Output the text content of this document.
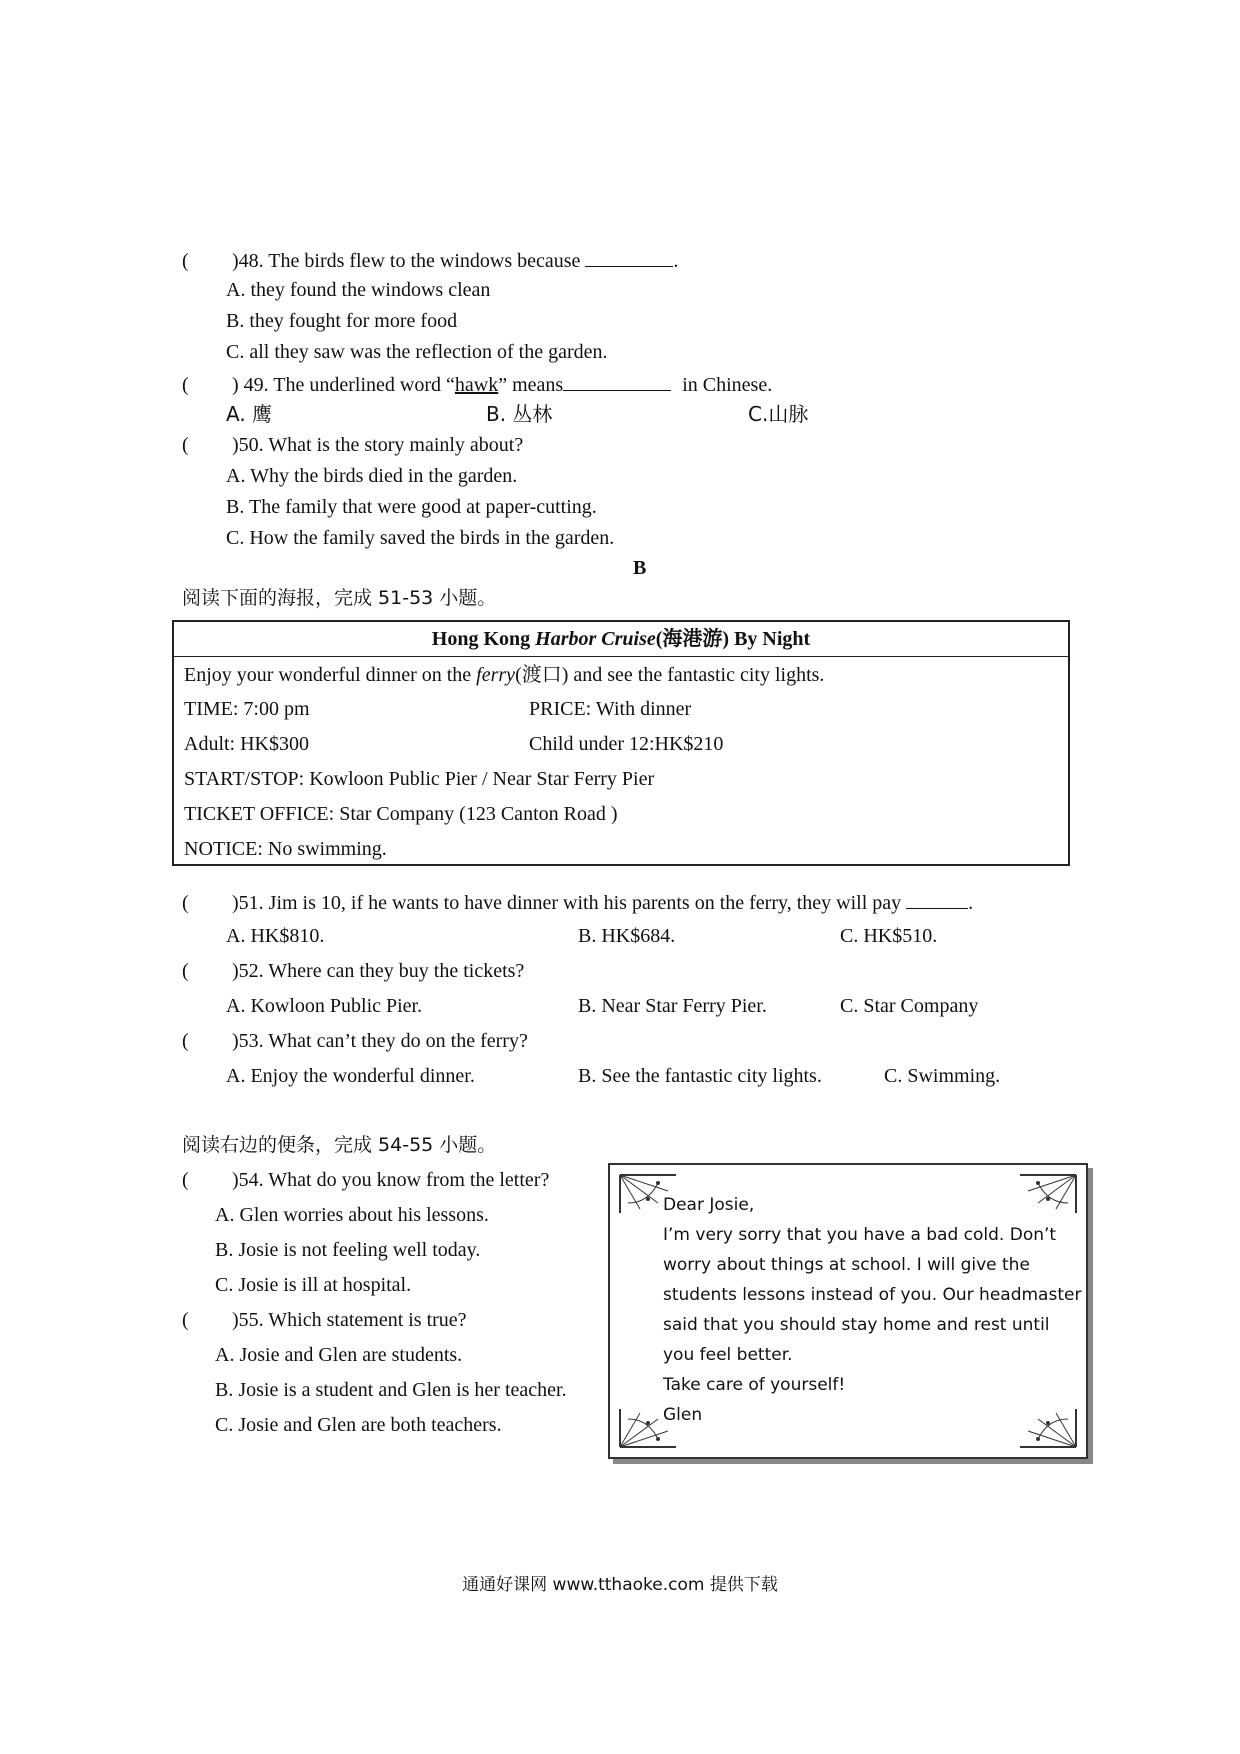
( )48. The birds flew to the windows because	.
A. they found the windows clean
B. they fought for more food
C. all they saw was the reflection of the garden.
( ) 49. The underlined word “hawk” means	in Chinese.
A. 鹰	B. 丛林	C.山脉
( )50. What is the story mainly about?
A. Why the birds died in the garden.
B. The family that were good at paper-cutting.
C. How the family saved the birds in the garden.
B
阅读下面的海报，完成 51-53 小题。
Hong Kong Harbor Cruise(海港游) By Night
Enjoy your wonderful dinner on the ferry(渡口) and see the fantastic city lights.
TIME: 7:00 pm	PRICE: With dinner
Adult: HK$300	Child under 12:HK$210
START/STOP: Kowloon Public Pier / Near Star Ferry Pier
TICKET OFFICE: Star Company (123 Canton Road )
NOTICE: No swimming.
( )51. Jim is 10, if he wants to have dinner with his parents on the ferry, they will pay	.
A. HK$810.	B. HK$684.	C. HK$510.
( )52. Where can they buy the tickets?
A. Kowloon Public Pier.	B. Near Star Ferry Pier.	C. Star Company
( )53. What can’t they do on the ferry?
A. Enjoy the wonderful dinner.	B. See the fantastic city lights.	C. Swimming.
阅读右边的便条，完成 54-55 小题。
( )54. What do you know from the letter?
A. Glen worries about his lessons.
B. Josie is not feeling well today.
C. Josie is ill at hospital.
( )55. Which statement is true?
A. Josie and Glen are students.
B. Josie is a student and Glen is her teacher.
C. Josie and Glen are both teachers.
Dear Josie,
I’m very sorry that you have a bad cold. Don’t
worry about things at school. I will give the
students lessons instead of you. Our headmaster
said that you should stay home and rest until
you feel better.
Take care of yourself!
Glen
通通好课网 www.tthaoke.com 提供下载
